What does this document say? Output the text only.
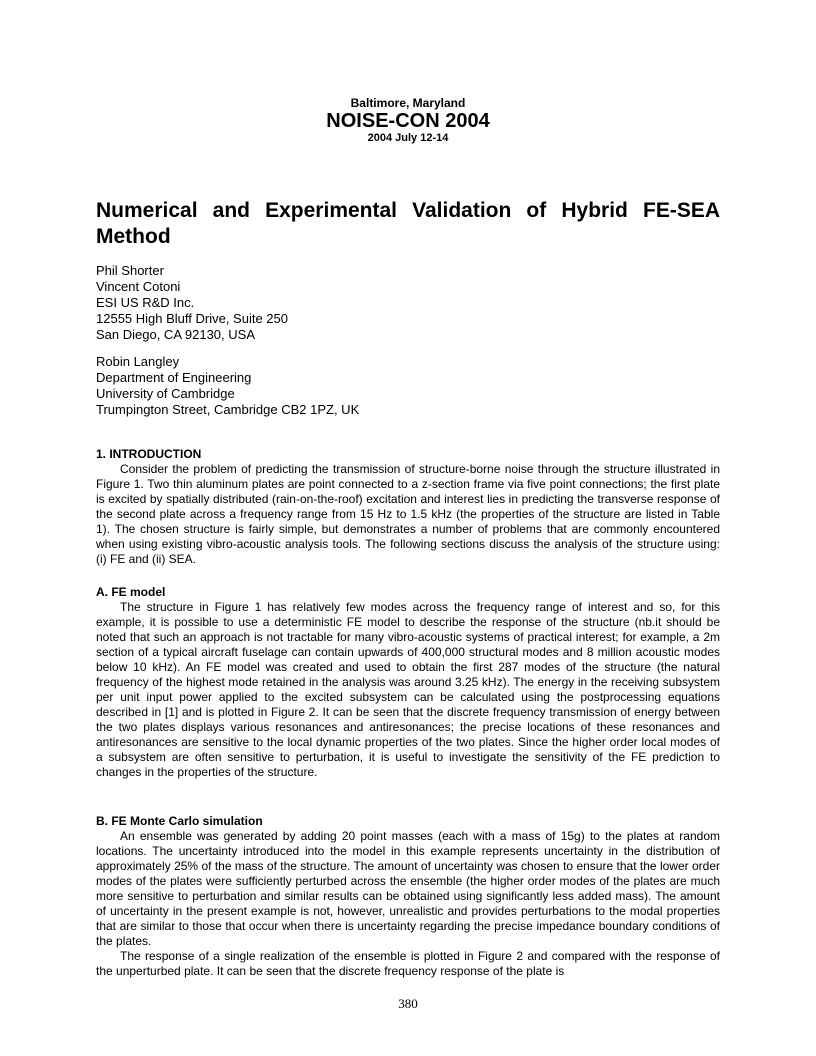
Baltimore, Maryland
NOISE-CON 2004
2004 July 12-14
Numerical and Experimental Validation of Hybrid FE-SEA Method
Phil Shorter
Vincent Cotoni
ESI US R&D Inc.
12555 High Bluff Drive, Suite 250
San Diego, CA 92130, USA
Robin Langley
Department of Engineering
University of Cambridge
Trumpington Street, Cambridge CB2 1PZ, UK
1. INTRODUCTION

Consider the problem of predicting the transmission of structure-borne noise through the structure illustrated in Figure 1. Two thin aluminum plates are point connected to a z-section frame via five point connections; the first plate is excited by spatially distributed (rain-on-the-roof) excitation and interest lies in predicting the transverse response of the second plate across a frequency range from 15 Hz to 1.5 kHz (the properties of the structure are listed in Table 1). The chosen structure is fairly simple, but demonstrates a number of problems that are commonly encountered when using existing vibro-acoustic analysis tools. The following sections discuss the analysis of the structure using: (i) FE and (ii) SEA.

A. FE model

The structure in Figure 1 has relatively few modes across the frequency range of interest and so, for this example, it is possible to use a deterministic FE model to describe the response of the structure (nb.it should be noted that such an approach is not tractable for many vibro-acoustic systems of practical interest; for example, a 2m section of a typical aircraft fuselage can contain upwards of 400,000 structural modes and 8 million acoustic modes below 10 kHz). An FE model was created and used to obtain the first 287 modes of the structure (the natural frequency of the highest mode retained in the analysis was around 3.25 kHz). The energy in the receiving subsystem per unit input power applied to the excited subsystem can be calculated using the postprocessing equations described in [1] and is plotted in Figure 2. It can be seen that the discrete frequency transmission of energy between the two plates displays various resonances and antiresonances; the precise locations of these resonances and antiresonances are sensitive to the local dynamic properties of the two plates. Since the higher order local modes of a subsystem are often sensitive to perturbation, it is useful to investigate the sensitivity of the FE prediction to changes in the properties of the structure.

B. FE Monte Carlo simulation

An ensemble was generated by adding 20 point masses (each with a mass of 15g) to the plates at random locations. The uncertainty introduced into the model in this example represents uncertainty in the distribution of approximately 25% of the mass of the structure. The amount of uncertainty was chosen to ensure that the lower order modes of the plates were sufficiently perturbed across the ensemble (the higher order modes of the plates are much more sensitive to perturbation and similar results can be obtained using significantly less added mass). The amount of uncertainty in the present example is not, however, unrealistic and provides perturbations to the modal properties that are similar to those that occur when there is uncertainty regarding the precise impedance boundary conditions of the plates.

The response of a single realization of the ensemble is plotted in Figure 2 and compared with the response of the unperturbed plate. It can be seen that the discrete frequency response of the plate is

380
